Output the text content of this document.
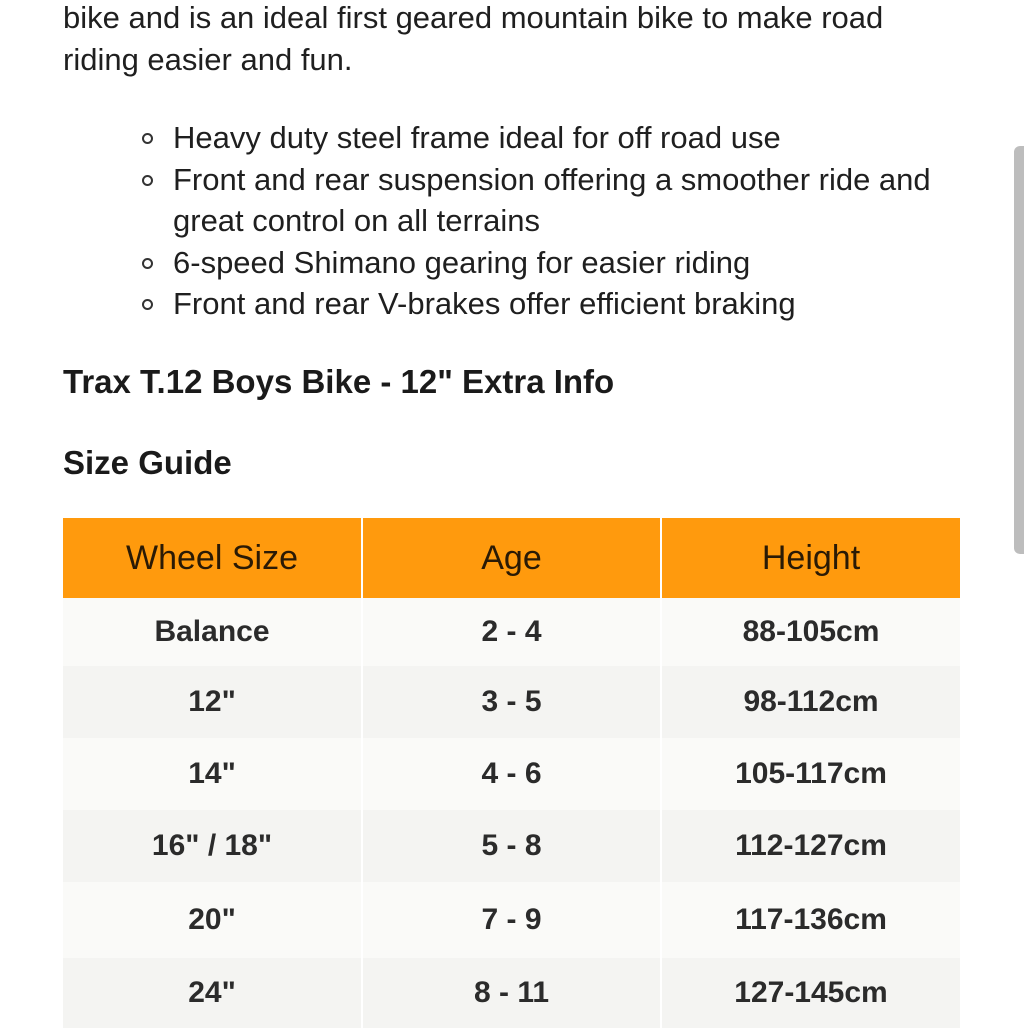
bike and is an ideal first geared mountain bike to make road riding easier and fun.

Heavy duty steel frame ideal for off road use
Front and rear suspension offering a smoother ride and great control on all terrains
6-speed Shimano gearing for easier riding
Front and rear V-brakes offer efficient braking
Trax T.12 Boys Bike - 12" Extra Info
Size Guide
Wheel Size	Age	Height
Balance	2 - 4	88-105cm
12"	3 - 5	98-112cm
14"	4 - 6	105-117cm
16" / 18"	5 - 8	112-127cm
20"	7 - 9	117-136cm
24"	8 - 11	127-145cm
